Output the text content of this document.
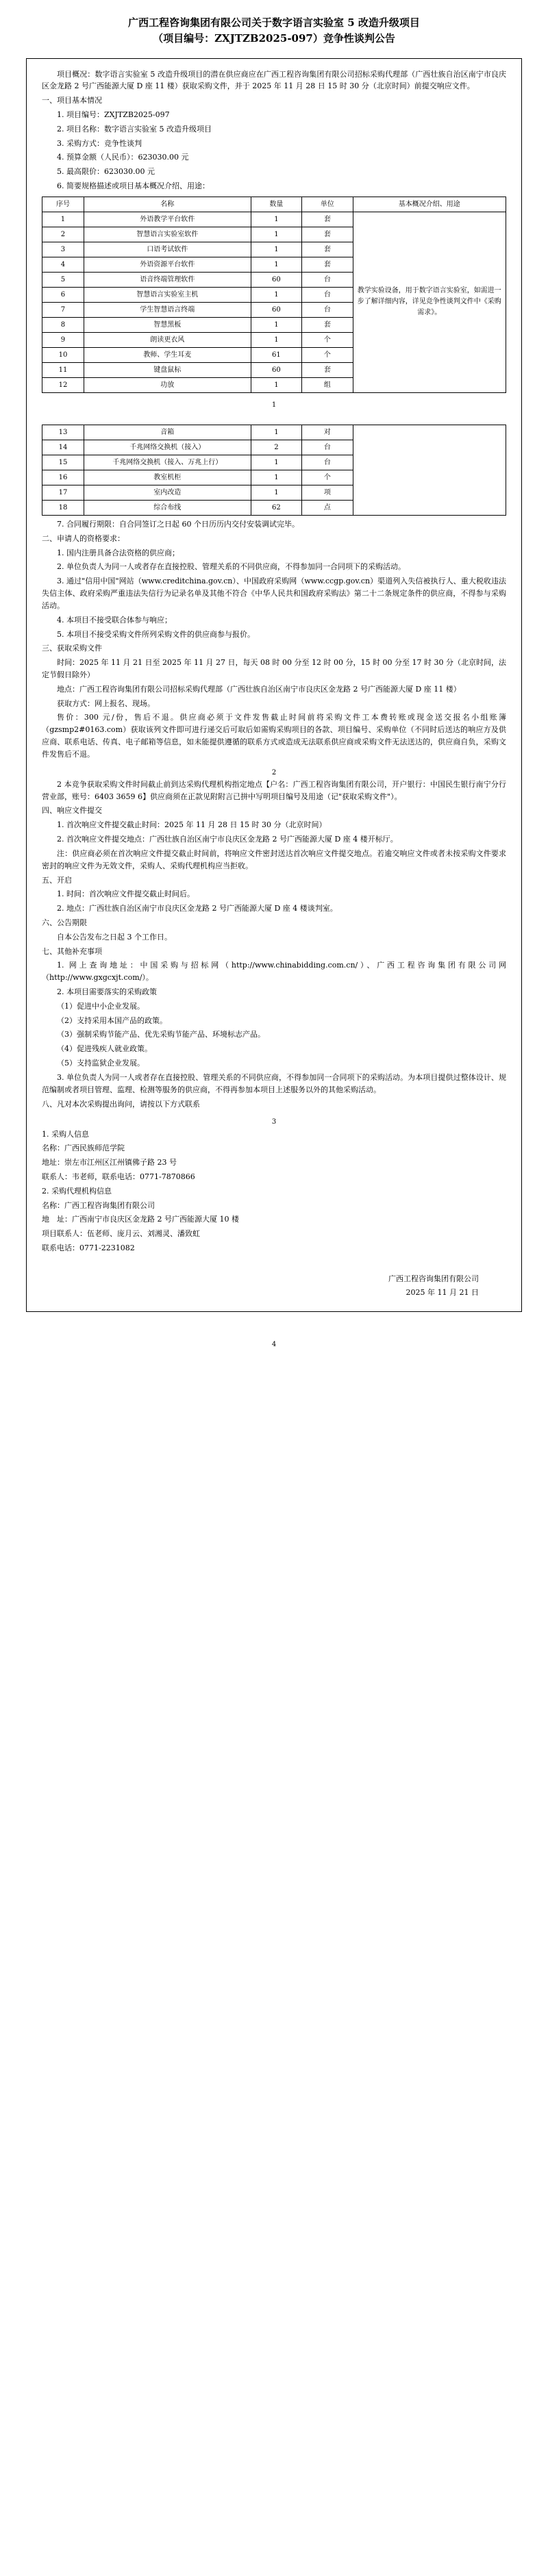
广西工程咨询集团有限公司关于数字语言实验室 5 改造升级项目
（项目编号：ZXJTZB2025-097）竞争性谈判公告

项目概况：数字语言实验室 5 改造升级项目的潜在供应商应在广西工程咨询集团有限公司招标采购代理部（广西壮族自治区南宁市良庆区金龙路 2 号广西能源大厦 D 座 11 楼）获取采购文件，并于 2025 年 11 月 28 日 15 时 30 分（北京时间）前提交响应文件。

一、项目基本情况

1. 项目编号：ZXJTZB2025-097

2. 项目名称：数字语言实验室 5 改造升级项目

3. 采购方式：竞争性谈判

4. 预算金额（人民币）：623030.00 元

5. 最高限价：623030.00 元

6. 简要规格描述或项目基本概况介绍、用途：

序号	名称	数量	单位	基本概况介绍、用途
1	外语教学平台软件	1	套	教学实验设备，用于数字语言实验室，如需进一步了解详细内容，详见竞争性谈判文件中《采购需求》。
2	智慧语言实验室软件	1	套	
3	口语考试软件	1	套	
4	外语资源平台软件	1	套	
5	语音终端管理软件	60	台	
6	智慧语言实验室主机	1	台	
7	学生智慧语言终端	60	台	
8	智慧黑板	1	套	
9	朗读更衣风	1	个	
10	教师、学生耳麦	61	个	
11	键盘鼠标	60	套	
12	功放	1	组	

1

13	音箱	1	对	
14	千兆网络交换机（接入）	2	台	
15	千兆网络交换机（接入、万兆上行）	1	台	
16	教室机柜	1	个	
17	室内改造	1	项	
18	综合布线	62	点	

7. 合同履行期限：自合同签订之日起 60 个日历历内交付安装调试完毕。

二、申请人的资格要求：

1. 国内注册具备合法资格的供应商；

2. 单位负责人为同一人或者存在直接控股、管理关系的不同供应商，不得参加同一合同项下的采购活动。

3. 通过"信用中国"网站（www.creditchina.gov.cn）、中国政府采购网（www.ccgp.gov.cn）渠道列入失信被执行人、重大税收违法失信主体、政府采购严重违法失信行为记录名单及其他不符合《中华人民共和国政府采购法》第二十二条规定条件的供应商，不得参与采购活动。

4. 本项目不接受联合体参与响应；

5. 本项目不接受采购文件所列采购文件的供应商参与报价。

三、获取采购文件

时间：2025 年 11 月 21 日至 2025 年 11 月 27 日，每天 08 时 00 分至 12 时 00 分，15 时 00 分至 17 时 30 分（北京时间，法定节假日除外）

地点：广西工程咨询集团有限公司招标采购代理部（广西壮族自治区南宁市良庆区金龙路 2 号广西能源大厦 D 座 11 楼）

获取方式：网上报名、现场。

售价：300 元/份，售后不退。供应商必须于文件发售截止时间前将采购文件工本费转账或现金送交报名小组账簿（gzsmp2#0163.com）获取该列文件即可进行递交后可取后如需购采购项目的各款、项目编号、采购单位（不同时后送达的响应方及供应商、联系电话、传真、电子邮箱等信息，如未能提供遵循的联系方式或造成无法联系供应商或采购文件无法送达的，供应商自负，采购文件发售后不退。

2

2 本竞争获取采购文件时间截止前到达采购代理机构指定地点【户名：广西工程咨询集团有限公司，开户银行：中国民生银行南宁分行营业部，账号：6403 3659 6】供应商须在正款见附附言已拼中写明项目编号及用途（记"获取采购文件"）。

四、响应文件提交

1. 首次响应文件提交截止时间：2025 年 11 月 28 日 15 时 30 分（北京时间）

2. 首次响应文件提交地点：广西壮族自治区南宁市良庆区金龙路 2 号广西能源大厦 D 座 4 楼开标厅。

注：供应商必须在首次响应文件提交截止时间前，将响应文件密封送达首次响应文件提交地点。若逾交响应文件或者未按采购文件要求密封的响应文件为无效文件，采购人、采购代理机构应当拒收。

五、开启

1. 时间：首次响应文件提交截止时间后。

2. 地点：广西壮族自治区南宁市良庆区金龙路 2 号广西能源大厦 D 座 4 楼谈判室。

六、公告期限

自本公告发布之日起 3 个工作日。

七、其他补充事项

1. 网上查询地址：中国采购与招标网（http://www.chinabidding.com.cn/）、广西工程咨询集团有限公司网（http://www.gxgcxjt.com/）。

2. 本项目需要落实的采购政策

（1）促进中小企业发展。

（2）支持采用本国产品的政策。

（3）强制采购节能产品、优先采购节能产品、环境标志产品。

（4）促进残疾人就业政策。

（5）支持监狱企业发展。

3. 单位负责人为同一人或者存在直接控股、管理关系的不同供应商，不得参加同一合同项下的采购活动。为本项目提供过整体设计、规范编制或者项目管理、监理、检测等服务的供应商，不得再参加本项目上述服务以外的其他采购活动。

八、凡对本次采购提出询问，请按以下方式联系

3

1. 采购人信息

名称：广西民族师范学院

地址：崇左市江州区江州镇佛子路 23 号

联系人：韦老师，联系电话：0771-7870866

2. 采购代理机构信息

名称：广西工程咨询集团有限公司

地　址：广西南宁市良庆区金龙路 2 号广西能源大厦 10 楼

项目联系人：伍老师、庞月云、刘湘灵、潘致虹

联系电话：0771-2231082

广西工程咨询集团有限公司
2025 年 11 月 21 日

4
